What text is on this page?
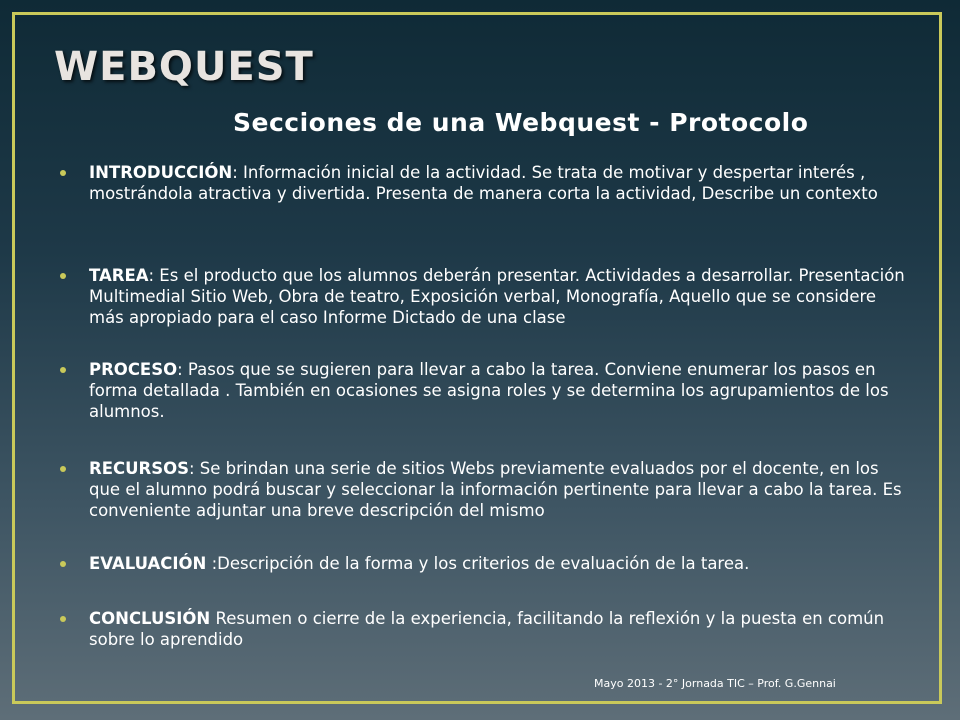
WEBQUEST
Secciones de una Webquest - Protocolo
INTRODUCCIÓN: Información inicial de la actividad. Se trata de motivar y despertar interés , mostrándola atractiva y divertida. Presenta de manera corta la actividad, Describe un contexto
TAREA: Es el producto que los alumnos deberán presentar. Actividades a desarrollar. Presentación Multimedial Sitio Web, Obra de teatro, Exposición verbal, Monografía, Aquello que se considere más apropiado para el caso Informe Dictado de una clase
PROCESO: Pasos que se sugieren para llevar a cabo la tarea. Conviene enumerar los pasos en forma detallada . También en ocasiones se asigna roles y se determina los agrupamientos de los alumnos.
RECURSOS: Se brindan una serie de sitios Webs previamente evaluados por el docente, en los que el alumno podrá buscar y seleccionar la información pertinente para llevar a cabo la tarea. Es conveniente adjuntar una breve descripción del mismo
EVALUACIÓN :Descripción de la forma y los criterios de evaluación de la tarea.
CONCLUSIÓN Resumen o cierre de la experiencia, facilitando la reflexión y la puesta en común sobre lo aprendido
Mayo 2013 - 2° Jornada TIC – Prof. G.Gennai
